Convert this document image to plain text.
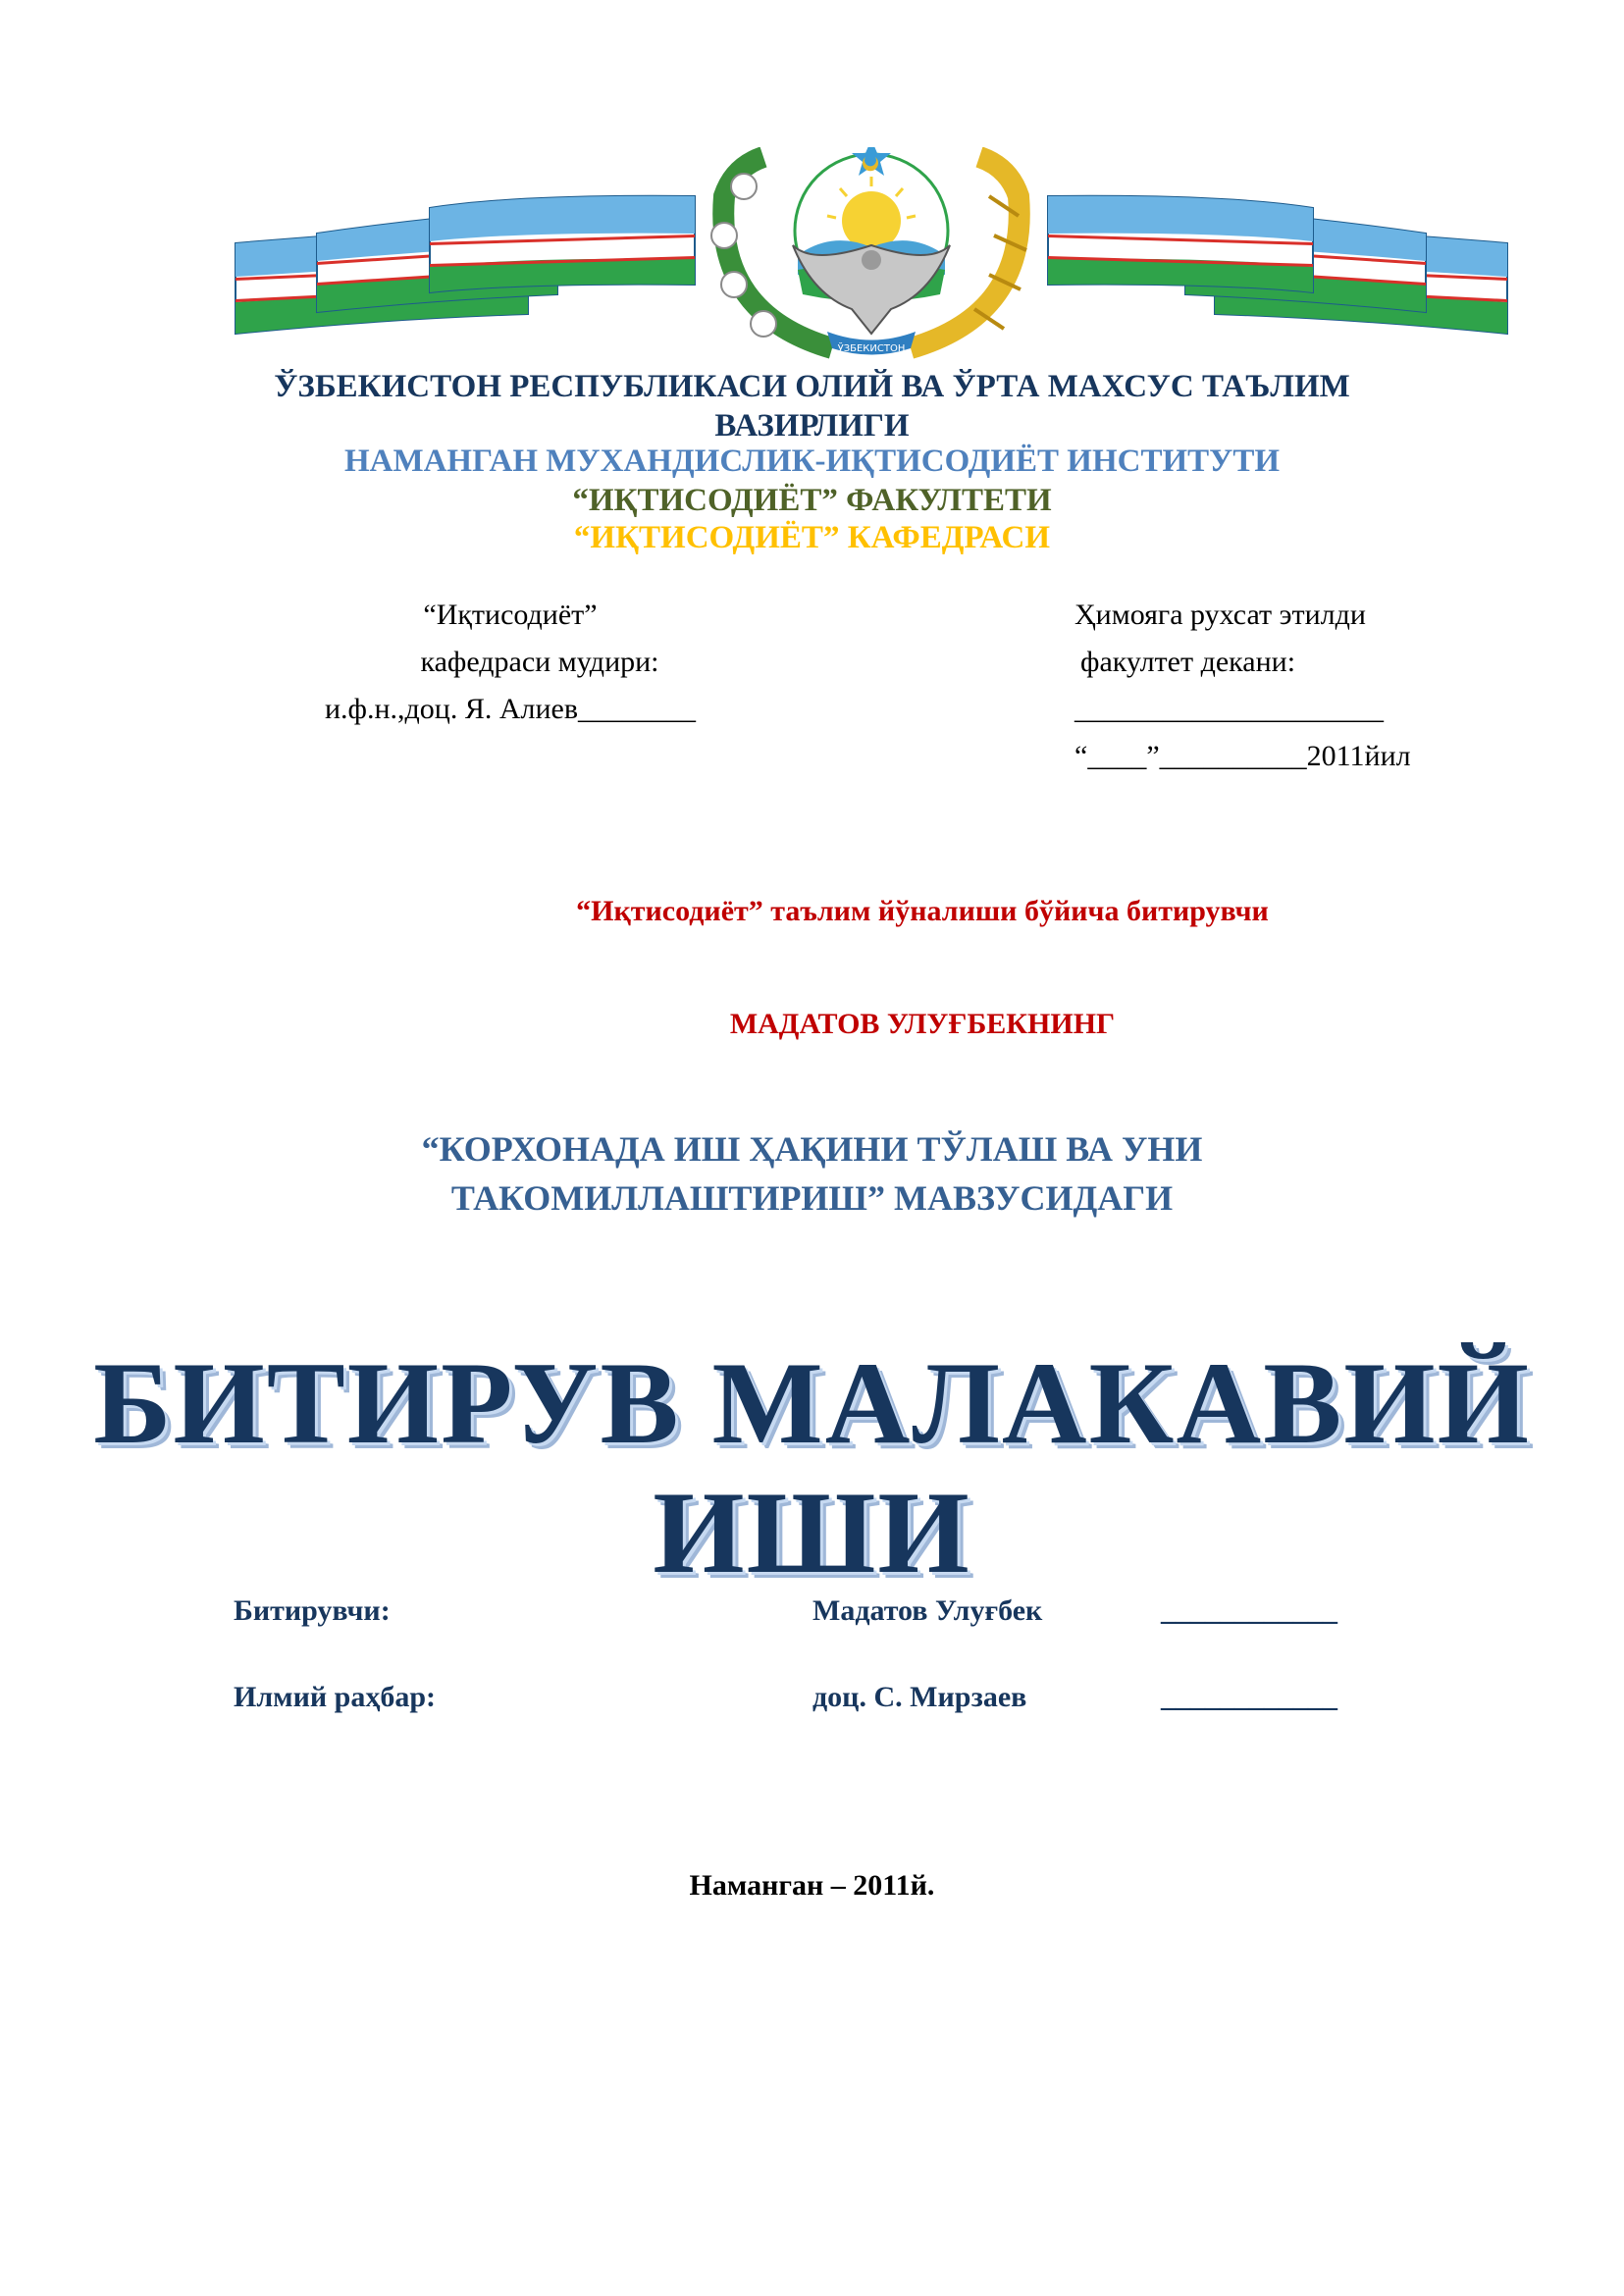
ЎЗБЕКИСТОН
ЎЗБЕКИСТОН РЕСПУБЛИКАСИ ОЛИЙ ВА ЎРТА МАХСУС ТАЪЛИМ
ВАЗИРЛИГИ
НАМАНГАН МУХАНДИСЛИК-ИҚТИСОДИЁТ ИНСТИТУТИ
“ИҚТИСОДИЁТ” ФАКУЛТЕТИ
“ИҚТИСОДИЁТ” КАФЕДРАСИ
“Иқтисодиёт”
кафедраси мудири:
и.ф.н.,доц. Я. Алиев________
Ҳимояга рухсат этилди
факултет декани:
_____________________
“____”__________2011йил
“Иқтисодиёт” таълим йўналиши бўйича битирувчи
МАДАТОВ УЛУҒБЕКНИНГ
“КОРХОНАДА ИШ ҲАҚИНИ ТЎЛАШ ВА УНИ
ТАКОМИЛЛАШТИРИШ” МАВЗУСИДАГИ
БИТИРУВ МАЛАКАВИЙ
ИШИ
Битирувчи:	Мадатов Улуғбек	____________
Илмий раҳбар:	доц. С. Мирзаев	____________
Наманган – 2011й.
